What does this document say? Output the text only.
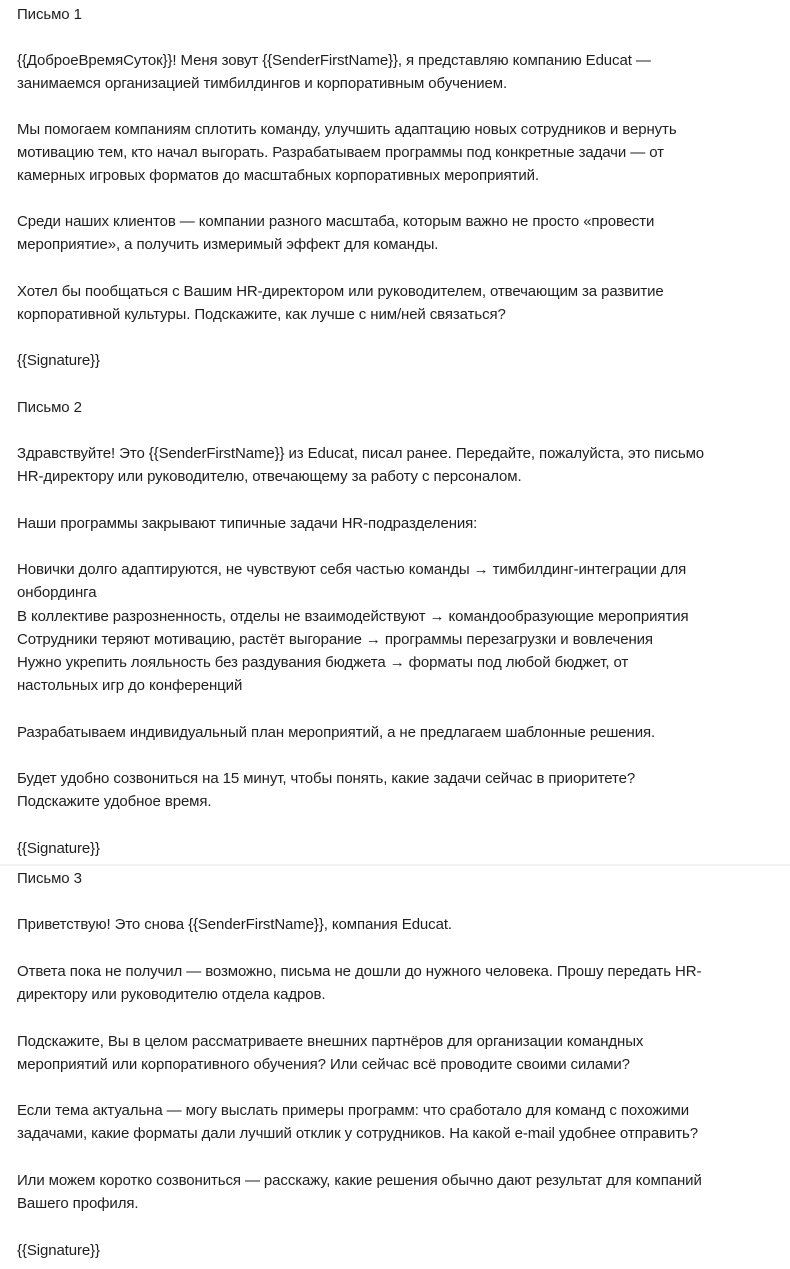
Письмо 1

{{ДоброеВремяСуток}}! Меня зовут {{SenderFirstName}}, я представляю компанию Educat —

занимаемся организацией тимбилдингов и корпоративным обучением.

Мы помогаем компаниям сплотить команду, улучшить адаптацию новых сотрудников и вернуть

мотивацию тем, кто начал выгорать. Разрабатываем программы под конкретные задачи — от

камерных игровых форматов до масштабных корпоративных мероприятий.

Среди наших клиентов — компании разного масштаба, которым важно не просто «провести

мероприятие», а получить измеримый эффект для команды.

Хотел бы пообщаться с Вашим HR-директором или руководителем, отвечающим за развитие

корпоративной культуры. Подскажите, как лучше с ним/ней связаться?

{{Signature}}

Письмо 2

Здравствуйте! Это {{SenderFirstName}} из Educat, писал ранее. Передайте, пожалуйста, это письмо

HR-директору или руководителю, отвечающему за работу с персоналом.

Наши программы закрывают типичные задачи HR-подразделения:

Новички долго адаптируются, не чувствуют себя частью команды → тимбилдинг-интеграции для

онбординга

В коллективе разрозненность, отделы не взаимодействуют → командообразующие мероприятия

Сотрудники теряют мотивацию, растёт выгорание → программы перезагрузки и вовлечения

Нужно укрепить лояльность без раздувания бюджета → форматы под любой бюджет, от

настольных игр до конференций

Разрабатываем индивидуальный план мероприятий, а не предлагаем шаблонные решения.

Будет удобно созвониться на 15 минут, чтобы понять, какие задачи сейчас в приоритете?

Подскажите удобное время.

{{Signature}}

Письмо 3

Приветствую! Это снова {{SenderFirstName}}, компания Educat.

Ответа пока не получил — возможно, письма не дошли до нужного человека. Прошу передать HR-

директору или руководителю отдела кадров.

Подскажите, Вы в целом рассматриваете внешних партнёров для организации командных

мероприятий или корпоративного обучения? Или сейчас всё проводите своими силами?

Если тема актуальна — могу выслать примеры программ: что сработало для команд с похожими

задачами, какие форматы дали лучший отклик у сотрудников. На какой e-mail удобнее отправить?

Или можем коротко созвониться — расскажу, какие решения обычно дают результат для компаний

Вашего профиля.

{{Signature}}
